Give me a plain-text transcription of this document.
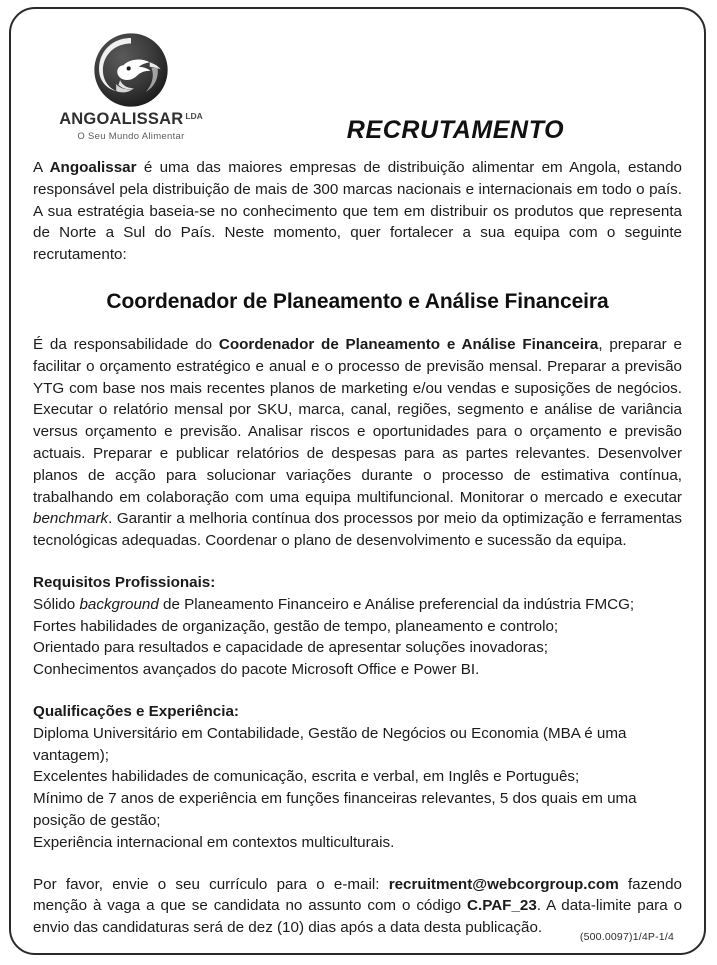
ANGOALISSAR LDA
O Seu Mundo Alimentar	RECRUTAMENTO

A Angoalissar é uma das maiores empresas de distribuição alimentar em Angola, estando responsável pela distribuição de mais de 300 marcas nacionais e internacionais em todo o país. A sua estratégia baseia-se no conhecimento que tem em distribuir os produtos que representa de Norte a Sul do País. Neste momento, quer fortalecer a sua equipa com o seguinte recrutamento:

Coordenador de Planeamento e Análise Financeira

É da responsabilidade do Coordenador de Planeamento e Análise Financeira, preparar e facilitar o orçamento estratégico e anual e o processo de previsão mensal. Preparar a previsão YTG com base nos mais recentes planos de marketing e/ou vendas e suposições de negócios. Executar o relatório mensal por SKU, marca, canal, regiões, segmento e análise de variância versus orçamento e previsão. Analisar riscos e oportunidades para o orçamento e previsão actuais. Preparar e publicar relatórios de despesas para as partes relevantes. Desenvolver planos de acção para solucionar variações durante o processo de estimativa contínua, trabalhando em colaboração com uma equipa multifuncional. Monitorar o mercado e executar benchmark. Garantir a melhoria contínua dos processos por meio da optimização e ferramentas tecnológicas adequadas. Coordenar o plano de desenvolvimento e sucessão da equipa.

Requisitos Profissionais:
Sólido background de Planeamento Financeiro e Análise preferencial da indústria FMCG;
Fortes habilidades de organização, gestão de tempo, planeamento e controlo;
Orientado para resultados e capacidade de apresentar soluções inovadoras;
Conhecimentos avançados do pacote Microsoft Office e Power BI.
Qualificações e Experiência:
Diploma Universitário em Contabilidade, Gestão de Negócios ou Economia (MBA é uma vantagem);
Excelentes habilidades de comunicação, escrita e verbal, em Inglês e Português;
Mínimo de 7 anos de experiência em funções financeiras relevantes, 5 dos quais em uma posição de gestão;
Experiência internacional em contextos multiculturais.

Por favor, envie o seu currículo para o e-mail: recruitment@webcorgroup.com fazendo menção à vaga a que se candidata no assunto com o código C.PAF_23. A data-limite para o envio das candidaturas será de dez (10) dias após a data desta publicação.

(500.0097)1/4P-1/4
